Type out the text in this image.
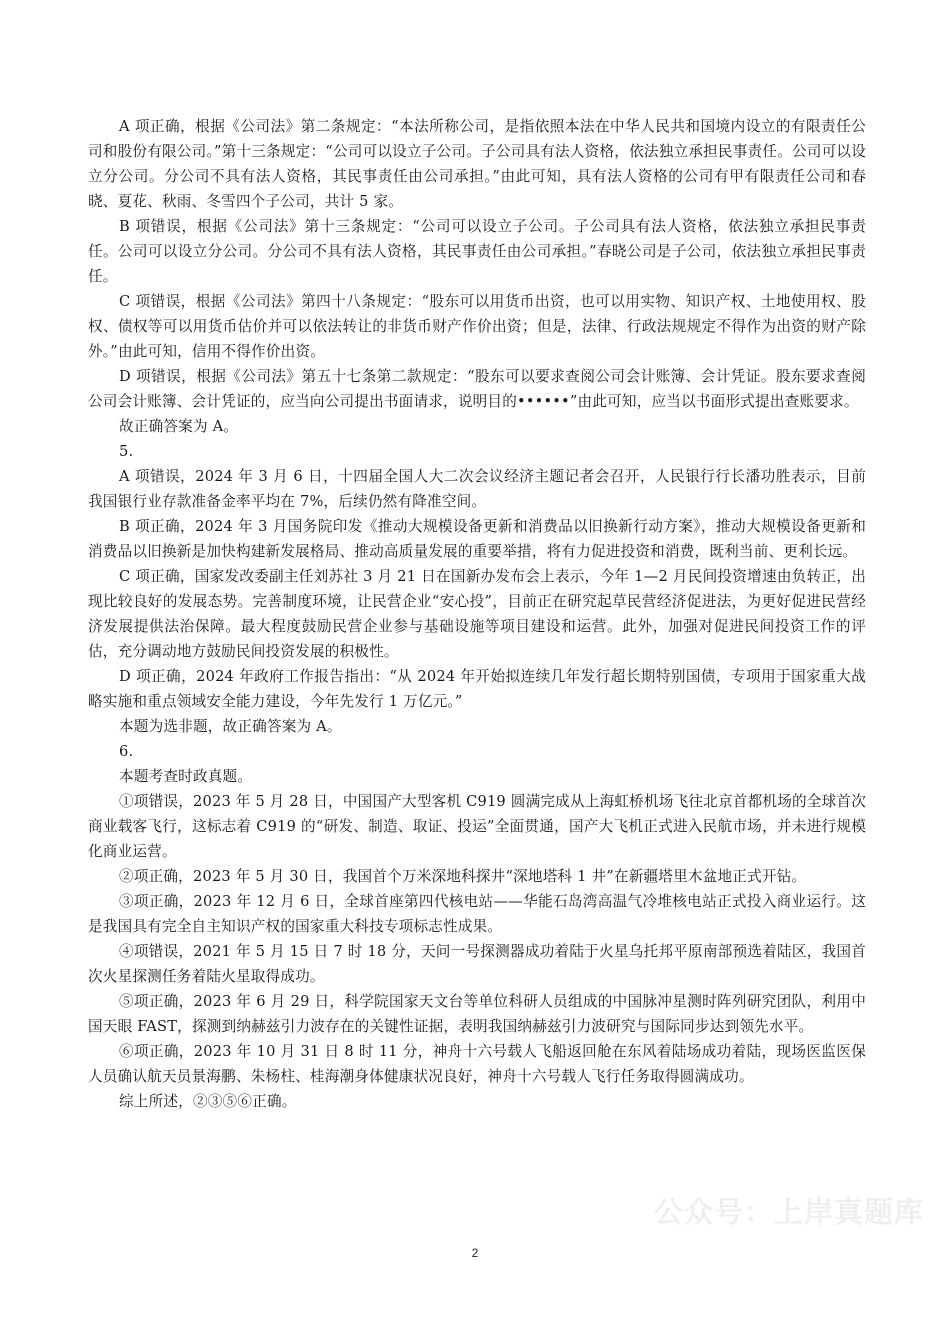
A 项正确，根据《公司法》第二条规定：“本法所称公司，是指依照本法在中华人民共和国境内设立的有限责任公司和股份有限公司。”第十三条规定：“公司可以设立子公司。子公司具有法人资格，依法独立承担民事责任。公司可以设立分公司。分公司不具有法人资格，其民事责任由公司承担。”由此可知，具有法人资格的公司有甲有限责任公司和春晓、夏花、秋雨、冬雪四个子公司，共计 5 家。

B 项错误，根据《公司法》第十三条规定：“公司可以设立子公司。子公司具有法人资格，依法独立承担民事责任。公司可以设立分公司。分公司不具有法人资格，其民事责任由公司承担。”春晓公司是子公司，依法独立承担民事责任。

C 项错误，根据《公司法》第四十八条规定：“股东可以用货币出资，也可以用实物、知识产权、土地使用权、股权、债权等可以用货币估价并可以依法转让的非货币财产作价出资；但是，法律、行政法规规定不得作为出资的财产除外。”由此可知，信用不得作价出资。

D 项错误，根据《公司法》第五十七条第二款规定：“股东可以要求查阅公司会计账簿、会计凭证。股东要求查阅公司会计账簿、会计凭证的，应当向公司提出书面请求，说明目的••••••”由此可知，应当以书面形式提出查账要求。

故正确答案为 A。

5.

A 项错误，2024 年 3 月 6 日，十四届全国人大二次会议经济主题记者会召开，人民银行行长潘功胜表示，目前我国银行业存款准备金率平均在 7%，后续仍然有降准空间。

B 项正确，2024 年 3 月国务院印发《推动大规模设备更新和消费品以旧换新行动方案》，推动大规模设备更新和消费品以旧换新是加快构建新发展格局、推动高质量发展的重要举措，将有力促进投资和消费，既利当前、更利长远。

C 项正确，国家发改委副主任刘苏社 3 月 21 日在国新办发布会上表示，今年 1—2 月民间投资增速由负转正，出现比较良好的发展态势。完善制度环境，让民营企业“安心投”，目前正在研究起草民营经济促进法，为更好促进民营经济发展提供法治保障。最大程度鼓励民营企业参与基础设施等项目建设和运营。此外，加强对促进民间投资工作的评估，充分调动地方鼓励民间投资发展的积极性。

D 项正确，2024 年政府工作报告指出：“从 2024 年开始拟连续几年发行超长期特别国债，专项用于国家重大战略实施和重点领域安全能力建设，今年先发行 1 万亿元。”

本题为选非题，故正确答案为 A。

6.

本题考查时政真题。

①项错误，2023 年 5 月 28 日，中国国产大型客机 C919 圆满完成从上海虹桥机场飞往北京首都机场的全球首次商业载客飞行，这标志着 C919 的“研发、制造、取证、投运”全面贯通，国产大飞机正式进入民航市场，并未进行规模化商业运营。

②项正确，2023 年 5 月 30 日，我国首个万米深地科探井“深地塔科 1 井”在新疆塔里木盆地正式开钻。

③项正确，2023 年 12 月 6 日，全球首座第四代核电站——华能石岛湾高温气冷堆核电站正式投入商业运行。这是我国具有完全自主知识产权的国家重大科技专项标志性成果。

④项错误，2021 年 5 月 15 日 7 时 18 分，天问一号探测器成功着陆于火星乌托邦平原南部预选着陆区，我国首次火星探测任务着陆火星取得成功。

⑤项正确，2023 年 6 月 29 日，科学院国家天文台等单位科研人员组成的中国脉冲星测时阵列研究团队，利用中国天眼 FAST，探测到纳赫兹引力波存在的关键性证据，表明我国纳赫兹引力波研究与国际同步达到领先水平。

⑥项正确，2023 年 10 月 31 日 8 时 11 分，神舟十六号载人飞船返回舱在东风着陆场成功着陆，现场医监医保人员确认航天员景海鹏、朱杨柱、桂海潮身体健康状况良好，神舟十六号载人飞行任务取得圆满成功。

综上所述，②③⑤⑥正确。

公众号：上岸真题库
2
